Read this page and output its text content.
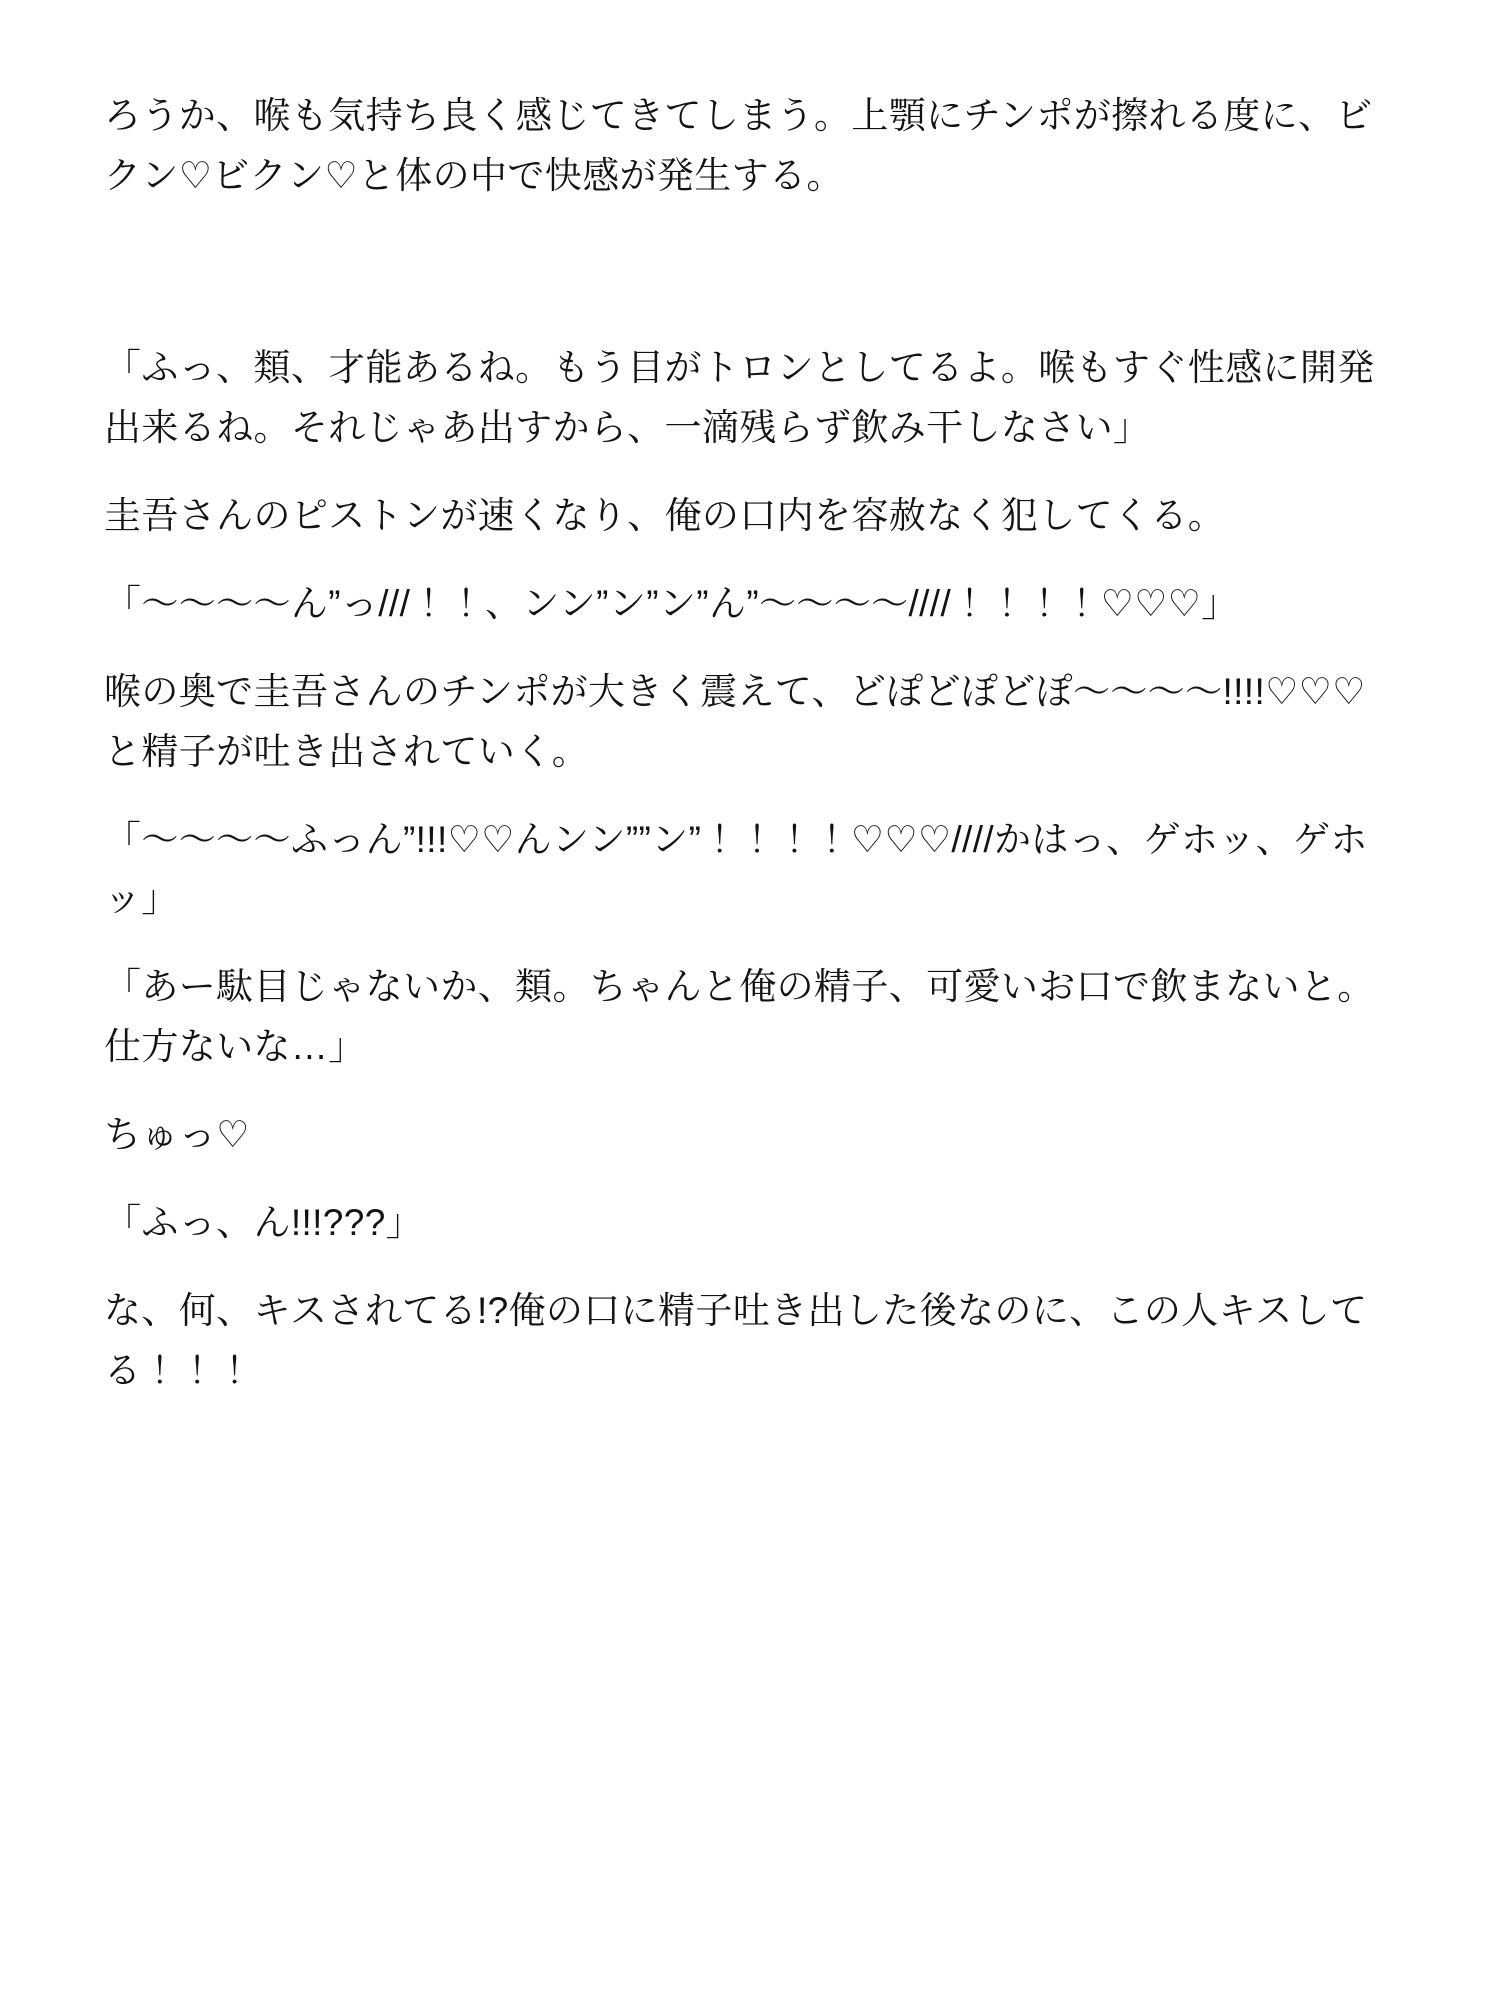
ろうか、喉も気持ち良く感じてきてしまう。上顎にチンポが擦れる度に、ビクン♡ビクン♡と体の中で快感が発生する。

「ふっ、類、才能あるね。もう目がトロンとしてるよ。喉もすぐ性感に開発出来るね。それじゃあ出すから、一滴残らず飲み干しなさい」

圭吾さんのピストンが速くなり、俺の口内を容赦なく犯してくる。

「〜〜〜〜ん”っ///！！、ンン”ン”ン”ん”〜〜〜〜////！！！！♡♡♡」

喉の奥で圭吾さんのチンポが大きく震えて、どぽどぽどぽ〜〜〜〜!!!!♡♡♡と精子が吐き出されていく。

「〜〜〜〜ふっん”!!!♡♡んンン””ン”！！！！♡♡♡////かはっ、ゲホッ、ゲホッ」

「あー駄目じゃないか、類。ちゃんと俺の精子、可愛いお口で飲まないと。仕方ないな…」

ちゅっ♡

「ふっ、ん!!!???」

な、何、キスされてる!?俺の口に精子吐き出した後なのに、この人キスしてる！！！
